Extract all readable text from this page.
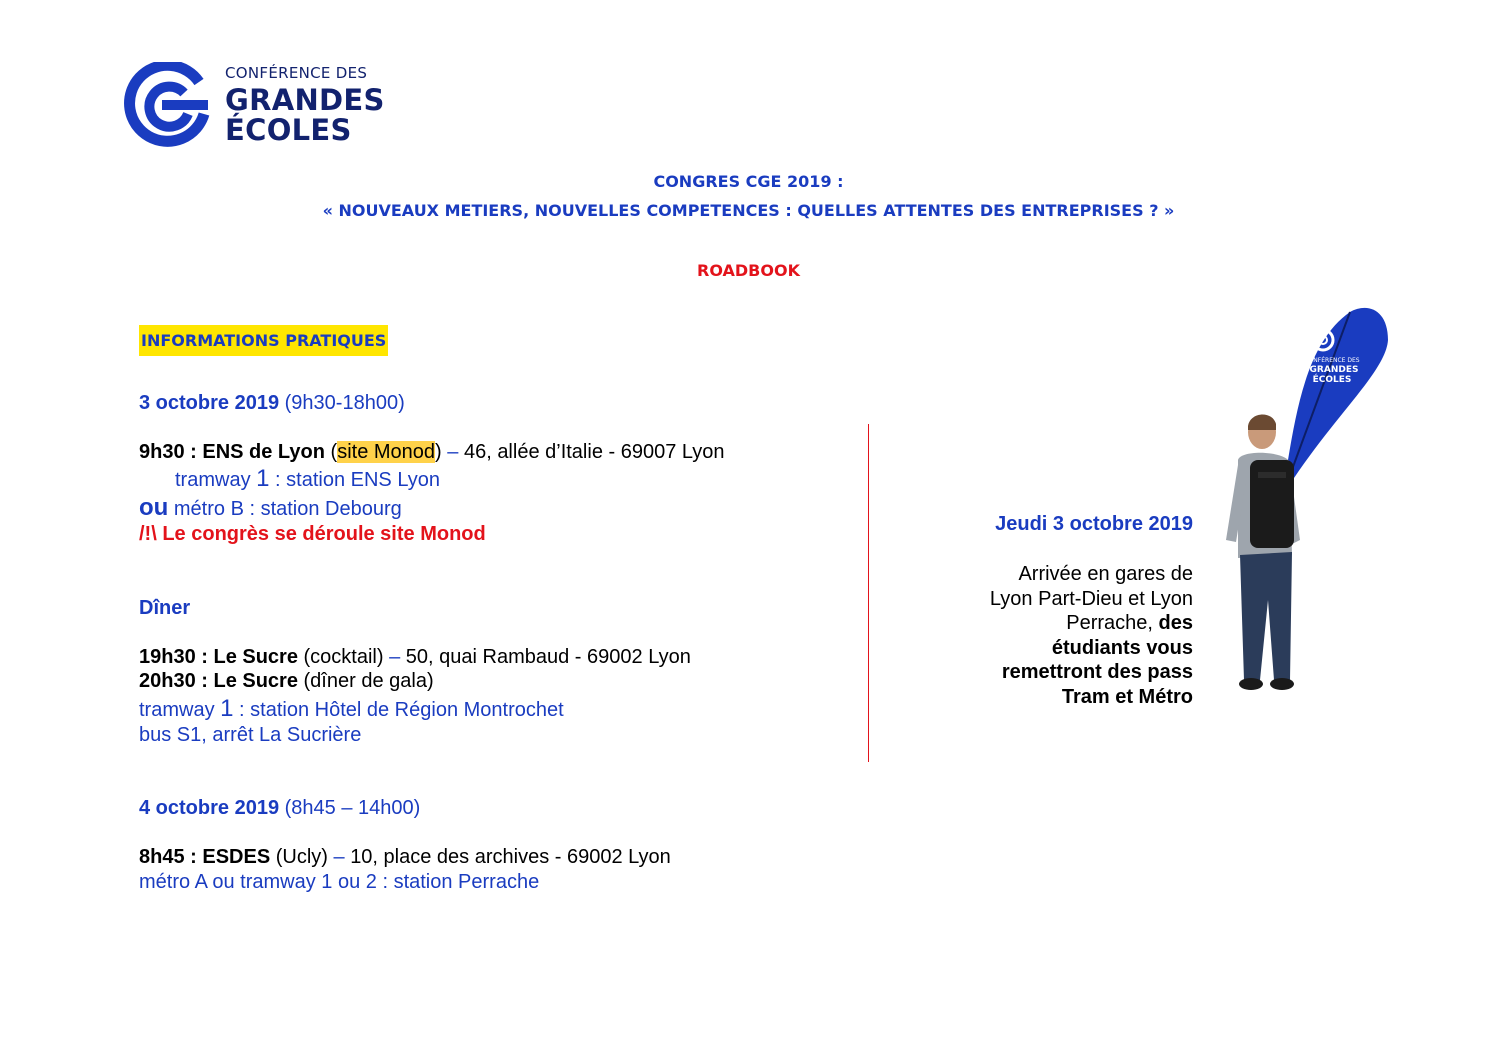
CONFÉRENCE DES
GRANDES
ÉCOLES
CONGRES CGE 2019 :
« NOUVEAUX METIERS, NOUVELLES COMPETENCES : QUELLES ATTENTES DES ENTREPRISES ? »
ROADBOOK
INFORMATIONS PRATIQUES
3 octobre 2019 (9h30-18h00)
9h30 : ENS de Lyon (site Monod) – 46, allée d’Italie - 69007 Lyon
tramway 1 : station ENS Lyon
ou métro B : station Debourg
/!\ Le congrès se déroule site Monod
Dîner
19h30 : Le Sucre (cocktail) – 50, quai Rambaud - 69002 Lyon
20h30 : Le Sucre (dîner de gala)
tramway 1 : station Hôtel de Région Montrochet
bus S1, arrêt La Sucrière
4 octobre 2019 (8h45 – 14h00)
8h45 : ESDES (Ucly) – 10, place des archives - 69002 Lyon
métro A ou tramway 1 ou 2 : station Perrache
Jeudi 3 octobre 2019
Arrivée en gares de
Lyon Part-Dieu et Lyon
Perrache, des
étudiants vous
remettront des pass
Tram et Métro
CONFÉRENCE DES
GRANDES
ÉCOLES
